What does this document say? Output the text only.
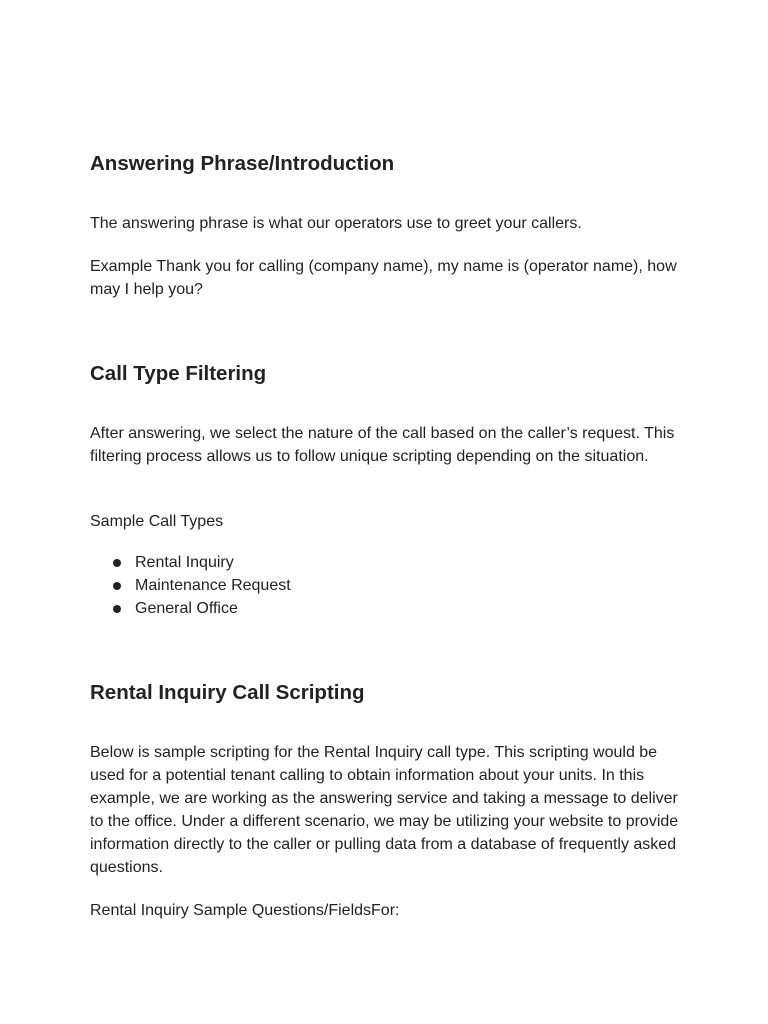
Answering Phrase/Introduction

The answering phrase is what our operators use to greet your callers.

Example Thank you for calling (company name), my name is (operator name), how may I help you?

Call Type Filtering

After answering, we select the nature of the call based on the caller’s request. This filtering process allows us to follow unique scripting depending on the situation.

Sample Call Types

Rental Inquiry
Maintenance Request
General Office
Rental Inquiry Call Scripting

Below is sample scripting for the Rental Inquiry call type. This scripting would be used for a potential tenant calling to obtain information about your units. In this example, we are working as the answering service and taking a message to deliver to the office. Under a different scenario, we may be utilizing your website to provide information directly to the caller or pulling data from a database of frequently asked questions.

Rental Inquiry Sample Questions/FieldsFor:
